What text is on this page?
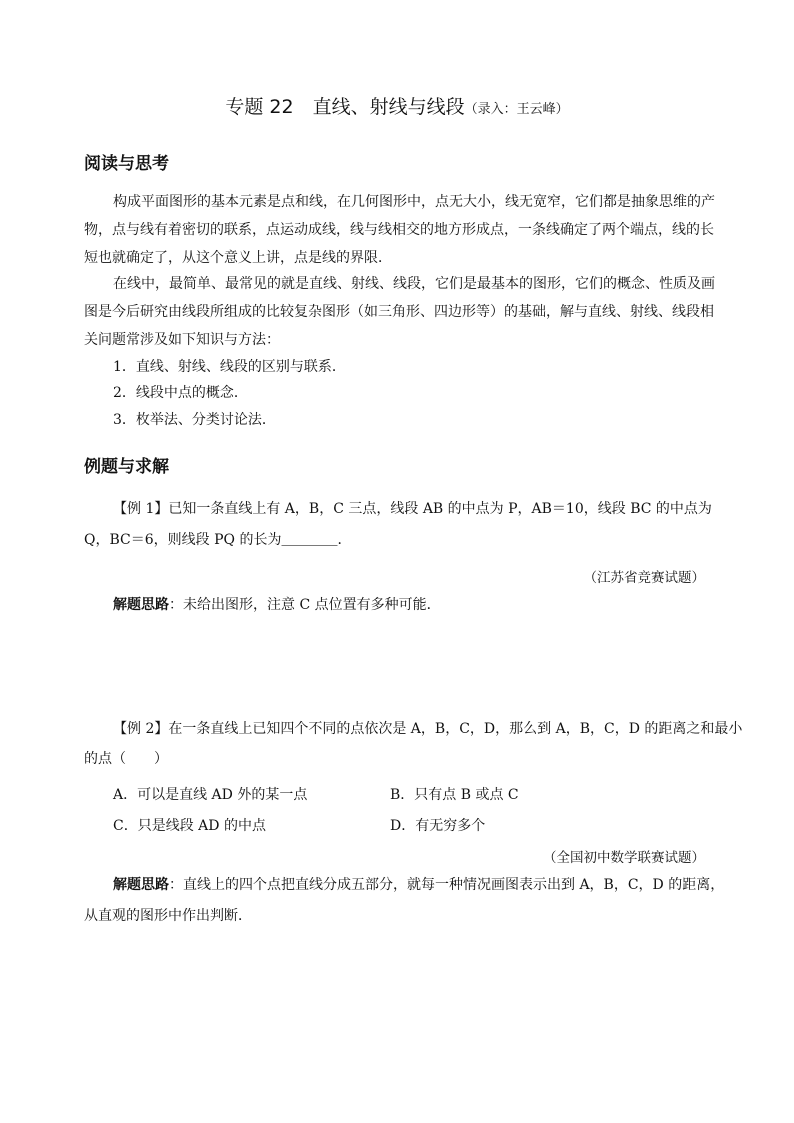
专题 22　直线、射线与线段（录入：王云峰）
阅读与思考
构成平面图形的基本元素是点和线，在几何图形中，点无大小，线无宽窄，它们都是抽象思维的产
物，点与线有着密切的联系，点运动成线，线与线相交的地方形成点，一条线确定了两个端点，线的长
短也就确定了，从这个意义上讲，点是线的界限．
在线中，最简单、最常见的就是直线、射线、线段，它们是最基本的图形，它们的概念、性质及画
图是今后研究由线段所组成的比较复杂图形（如三角形、四边形等）的基础，解与直线、射线、线段相
关问题常涉及如下知识与方法：
1．直线、射线、线段的区别与联系．
2．线段中点的概念．
3．枚举法、分类讨论法．
例题与求解
【例 1】已知一条直线上有 A，B，C 三点，线段 AB 的中点为 P，AB＝10，线段 BC 的中点为
Q，BC＝6，则线段 PQ 的长为＿＿＿＿．
（江苏省竞赛试题）
解题思路：未给出图形，注意 C 点位置有多种可能．
【例 2】在一条直线上已知四个不同的点依次是 A，B，C，D，那么到 A，B，C，D 的距离之和最小
的点（　　）
A．可以是直线 AD 外的某一点	B．只有点 B 或点 C
C．只是线段 AD 的中点	D．有无穷多个
（全国初中数学联赛试题）
解题思路：直线上的四个点把直线分成五部分，就每一种情况画图表示出到 A，B，C，D 的距离，
从直观的图形中作出判断．
